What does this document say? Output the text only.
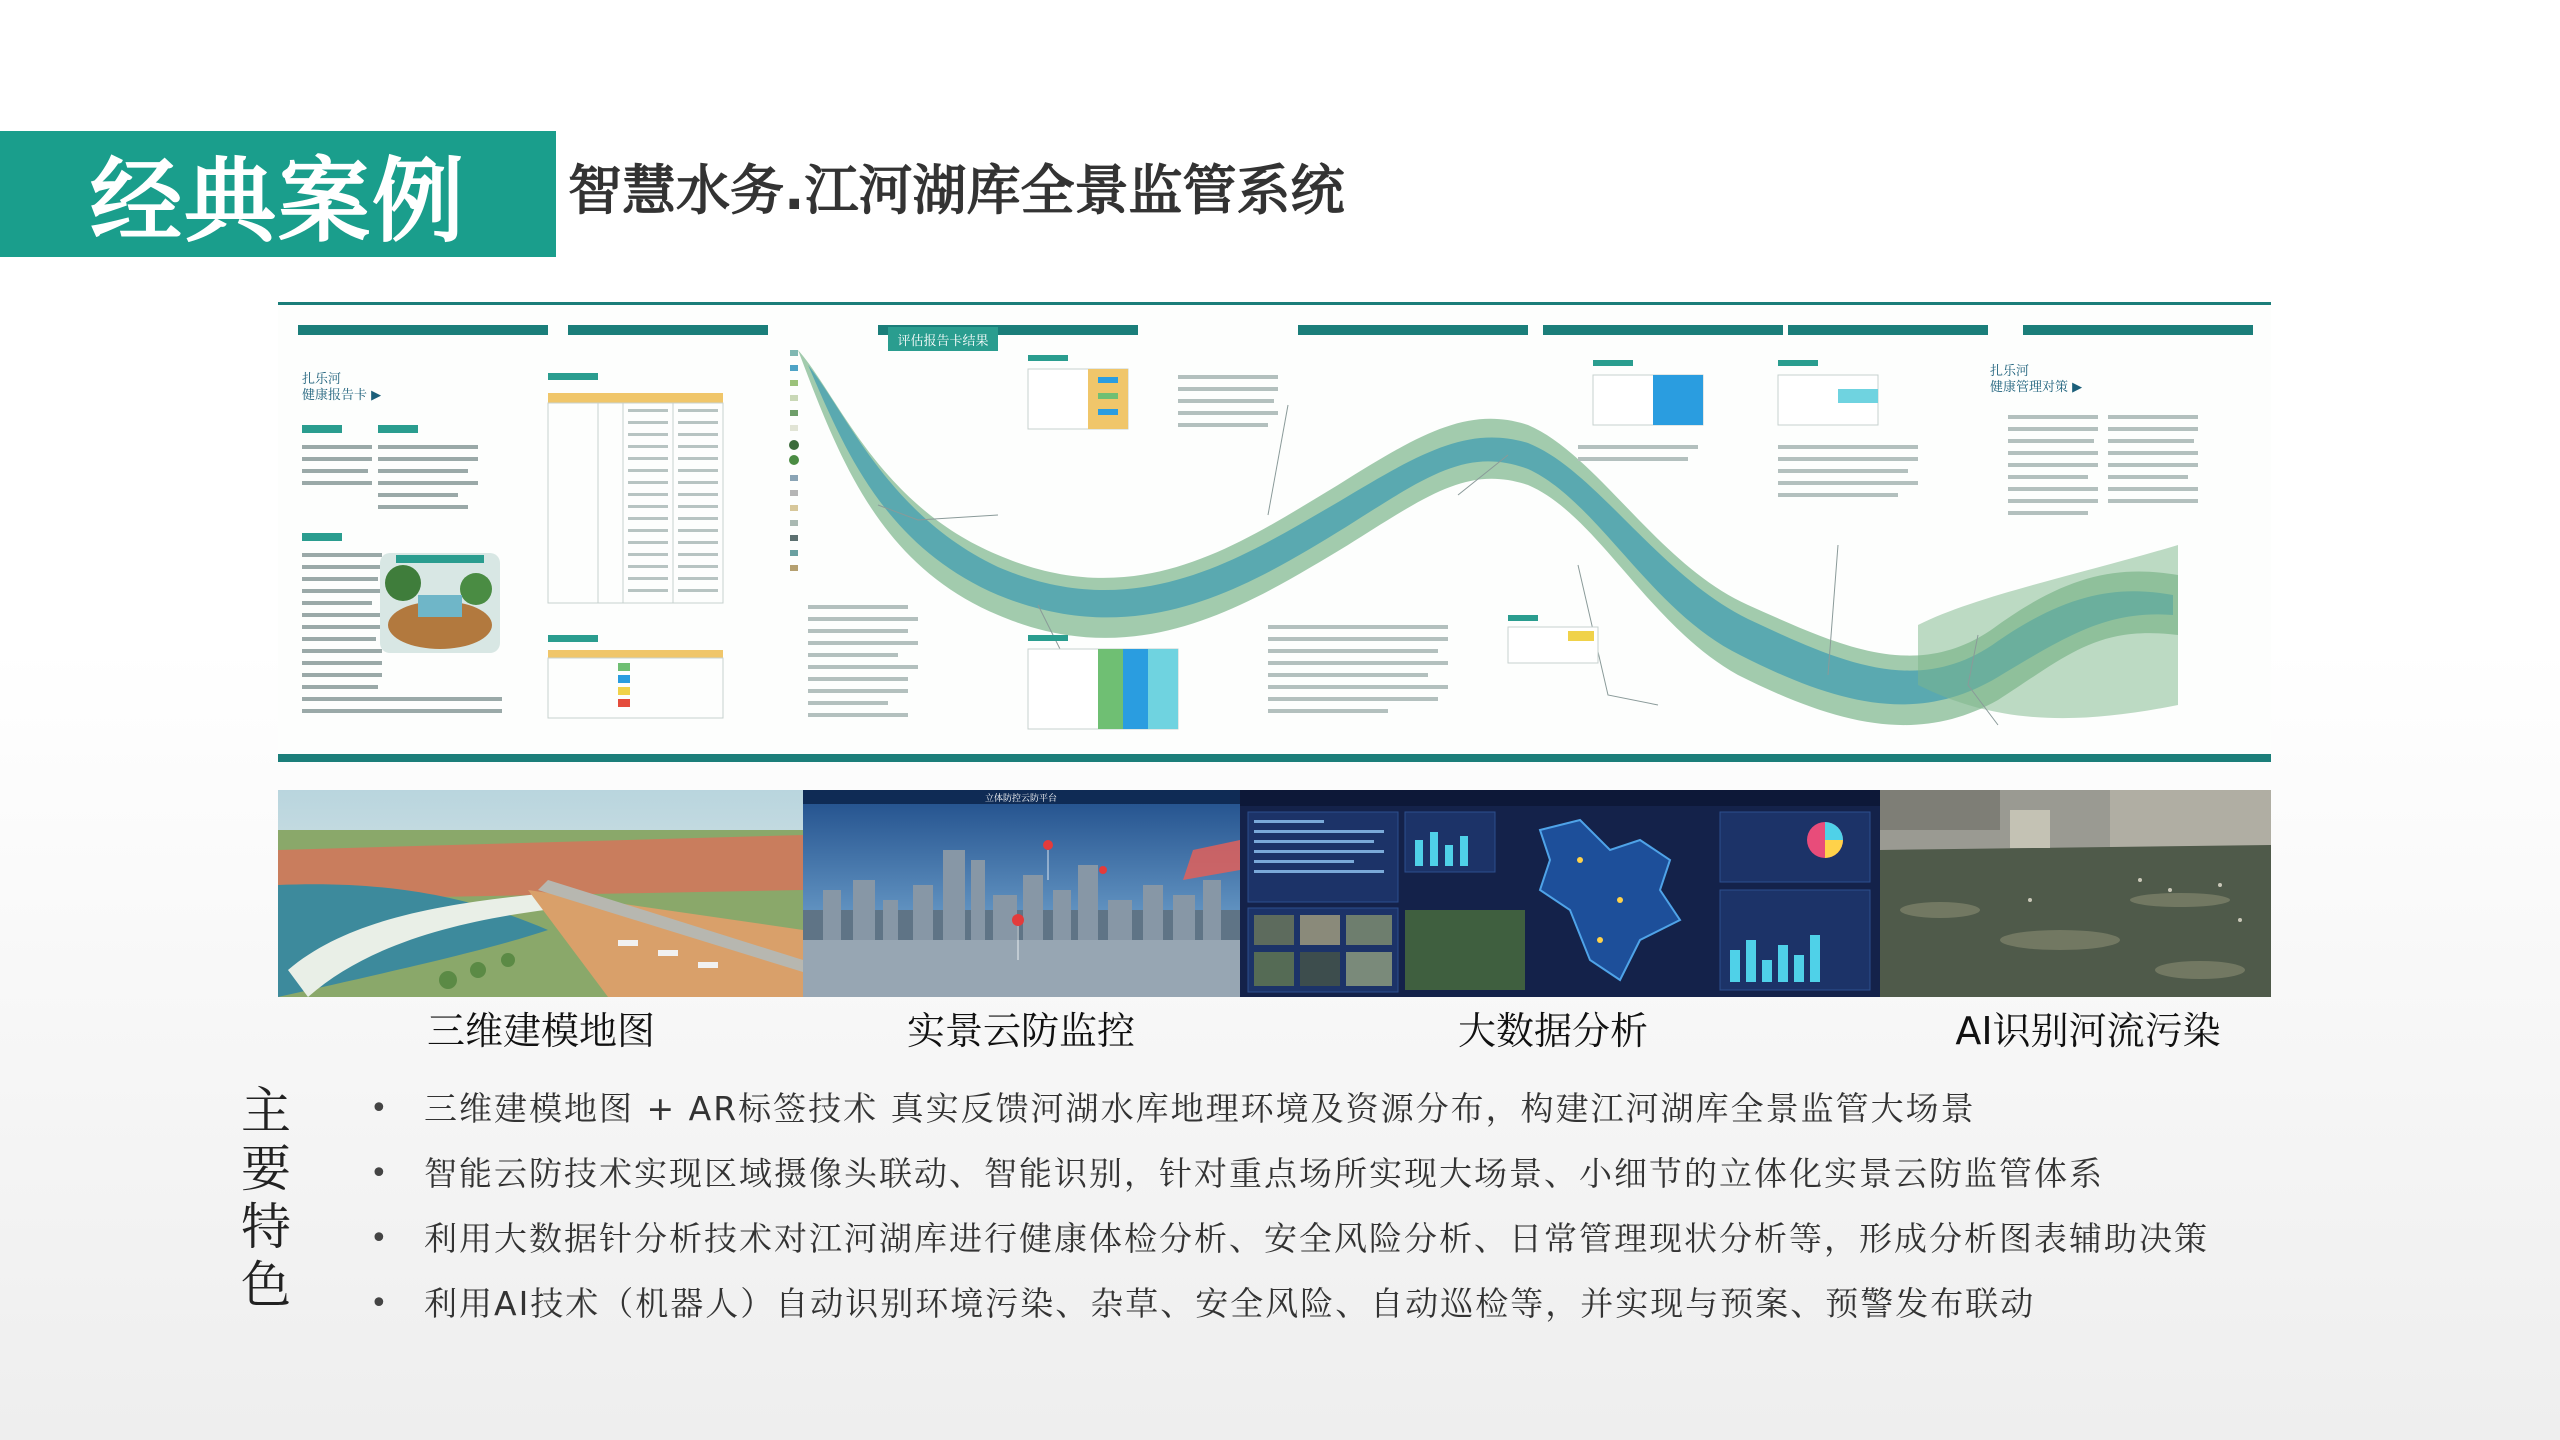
经典案例 智慧水务.江河湖库全景监管系统
扎乐河
健康报告卡 ▶
评估报告卡结果
扎乐河
健康管理对策 ▶
立体防控云防平台
三维建模地图	实景云防监控	大数据分析	AI识别河流污染
主
要
特
色
• 三维建模地图 + AR标签技术 真实反馈河湖水库地理环境及资源分布，构建江河湖库全景监管大场景
• 智能云防技术实现区域摄像头联动、智能识别，针对重点场所实现大场景、小细节的立体化实景云防监管体系
• 利用大数据针分析技术对江河湖库进行健康体检分析、安全风险分析、日常管理现状分析等，形成分析图表辅助决策
• 利用AI技术（机器人）自动识别环境污染、杂草、安全风险、自动巡检等，并实现与预案、预警发布联动
